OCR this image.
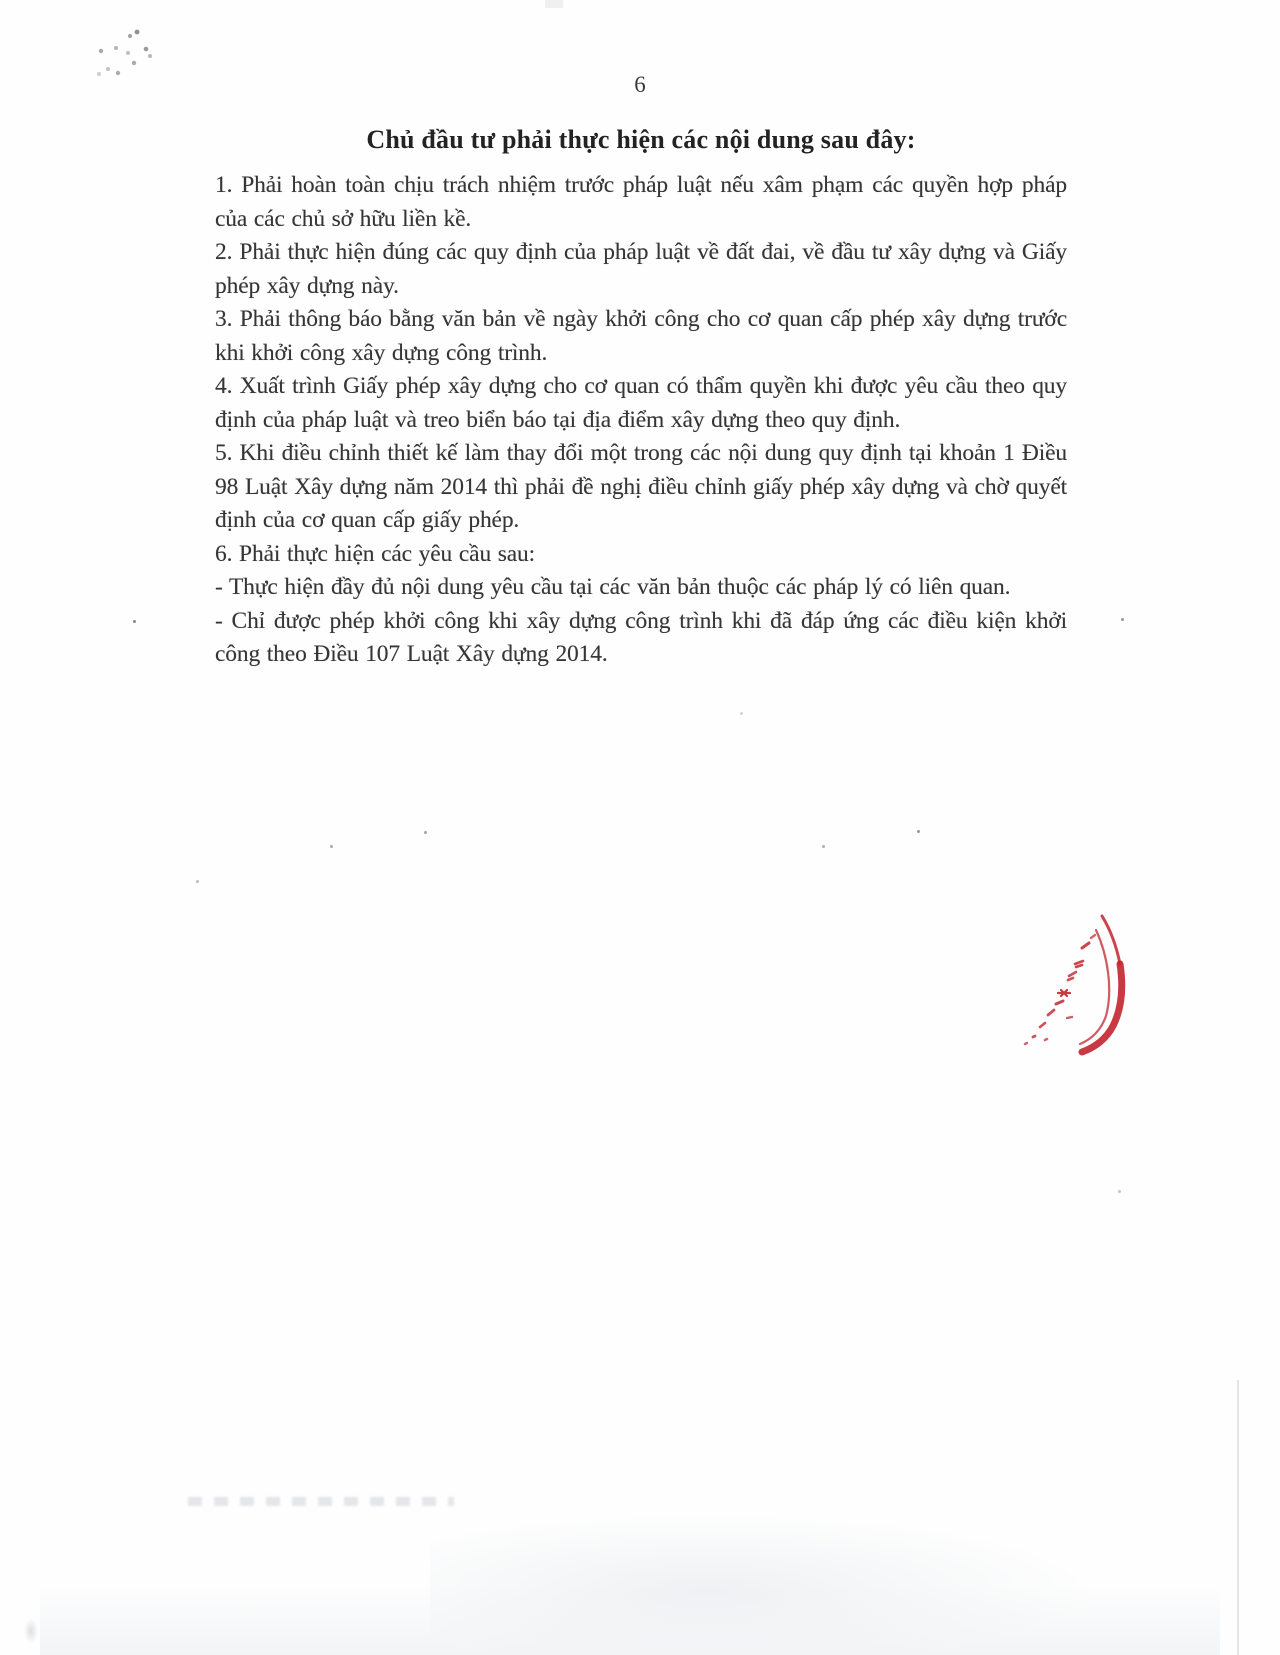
6
Chủ đầu tư phải thực hiện các nội dung sau đây:

1. Phải hoàn toàn chịu trách nhiệm trước pháp luật nếu xâm phạm các quyền hợp pháp của các chủ sở hữu liền kề.

2. Phải thực hiện đúng các quy định của pháp luật về đất đai, về đầu tư xây dựng và Giấy phép xây dựng này.

3. Phải thông báo bằng văn bản về ngày khởi công cho cơ quan cấp phép xây dựng trước khi khởi công xây dựng công trình.

4. Xuất trình Giấy phép xây dựng cho cơ quan có thẩm quyền khi được yêu cầu theo quy định của pháp luật và treo biển báo tại địa điểm xây dựng theo quy định.

5. Khi điều chỉnh thiết kế làm thay đổi một trong các nội dung quy định tại khoản 1 Điều 98 Luật Xây dựng năm 2014 thì phải đề nghị điều chỉnh giấy phép xây dựng và chờ quyết định của cơ quan cấp giấy phép.

6. Phải thực hiện các yêu cầu sau:

- Thực hiện đầy đủ nội dung yêu cầu tại các văn bản thuộc các pháp lý có liên quan.

- Chỉ được phép khởi công khi xây dựng công trình khi đã đáp ứng các điều kiện khởi công theo Điều 107 Luật Xây dựng 2014.
